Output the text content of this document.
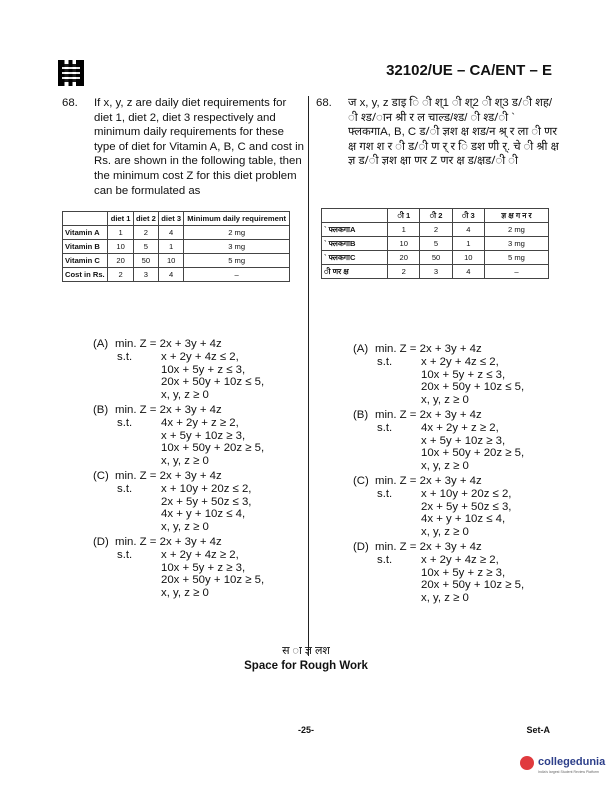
32102/UE – CA/ENT – E
68. If x, y, z are daily diet requirements for diet 1, diet 2, diet 3 respectively and minimum daily requirements for these type of diet for Vitamin A, B, C and cost in Rs. are shown in the following table, then the minimum cost Z for this diet problem can be formulated as
68. ज x, y, z डाइ ि ी श्1 ी श्2 ी श्3 ड/ी शह/ ी श्ड/ान श्री र ल चाल्ड/श्ड/ ी श्ड/ी ` फ्लकगाA, B, C ड/ी ज्ञश क्ष शड/न श्र् र ला ी णर क्ष गश श र ी ड/ी ण र् र ि डश णी र्. चे ी श्री क्ष ज्ञ ड/ी ज्ञश क्षा णर Z णर क्ष ड/क्षड/ी ी
	diet 1	diet 2	diet 3	Minimum daily requirement
Vitamin A	1	2	4	2 mg
Vitamin B	10	5	1	3 mg
Vitamin C	20	50	10	5 mg
Cost in Rs.	2	3	4	–
	ी 1	ी 2	ी 3	ज्ञ क्ष ग न र
` फ्लकगाA	1	2	4	2 mg
` फ्लकगाB	10	5	1	3 mg
` फ्लकगाC	20	50	10	5 mg
ी णर क्ष	2	3	4	–
(A) min. Z = 2x + 3y + 4z
s.t.	x + 2y + 4z ≤ 2,
10x + 5y + z ≤ 3,
20x + 50y + 10z ≤ 5,
x, y, z ≥ 0
(B) min. Z = 2x + 3y + 4z
s.t.	4x + 2y + z ≥ 2,
x + 5y + 10z ≥ 3,
10x + 50y + 20z ≥ 5,
x, y, z ≥ 0
(C) min. Z = 2x + 3y + 4z
s.t.	x + 10y + 20z ≤ 2,
2x + 5y + 50z ≤ 3,
4x + y + 10z ≤ 4,
x, y, z ≥ 0
(D) min. Z = 2x + 3y + 4z
s.t.	x + 2y + 4z ≥ 2,
10x + 5y + z ≥ 3,
20x + 50y + 10z ≥ 5,
x, y, z ≥ 0
(A) min. Z = 2x + 3y + 4z
s.t.	x + 2y + 4z ≤ 2,
10x + 5y + z ≤ 3,
20x + 50y + 10z ≤ 5,
x, y, z ≥ 0
(B) min. Z = 2x + 3y + 4z
s.t.	4x + 2y + z ≥ 2,
x + 5y + 10z ≥ 3,
10x + 50y + 20z ≥ 5,
x, y, z ≥ 0
(C) min. Z = 2x + 3y + 4z
s.t.	x + 10y + 20z ≤ 2,
2x + 5y + 50z ≤ 3,
4x + y + 10z ≤ 4,
x, y, z ≥ 0
(D) min. Z = 2x + 3y + 4z
s.t.	x + 2y + 4z ≥ 2,
10x + 5y + z ≥ 3,
20x + 50y + 10z ≥ 5,
x, y, z ≥ 0
स ा ज्ञ लश
Space for Rough Work
-25-	Set-A
collegedunia
India's largest Student Review Platform
